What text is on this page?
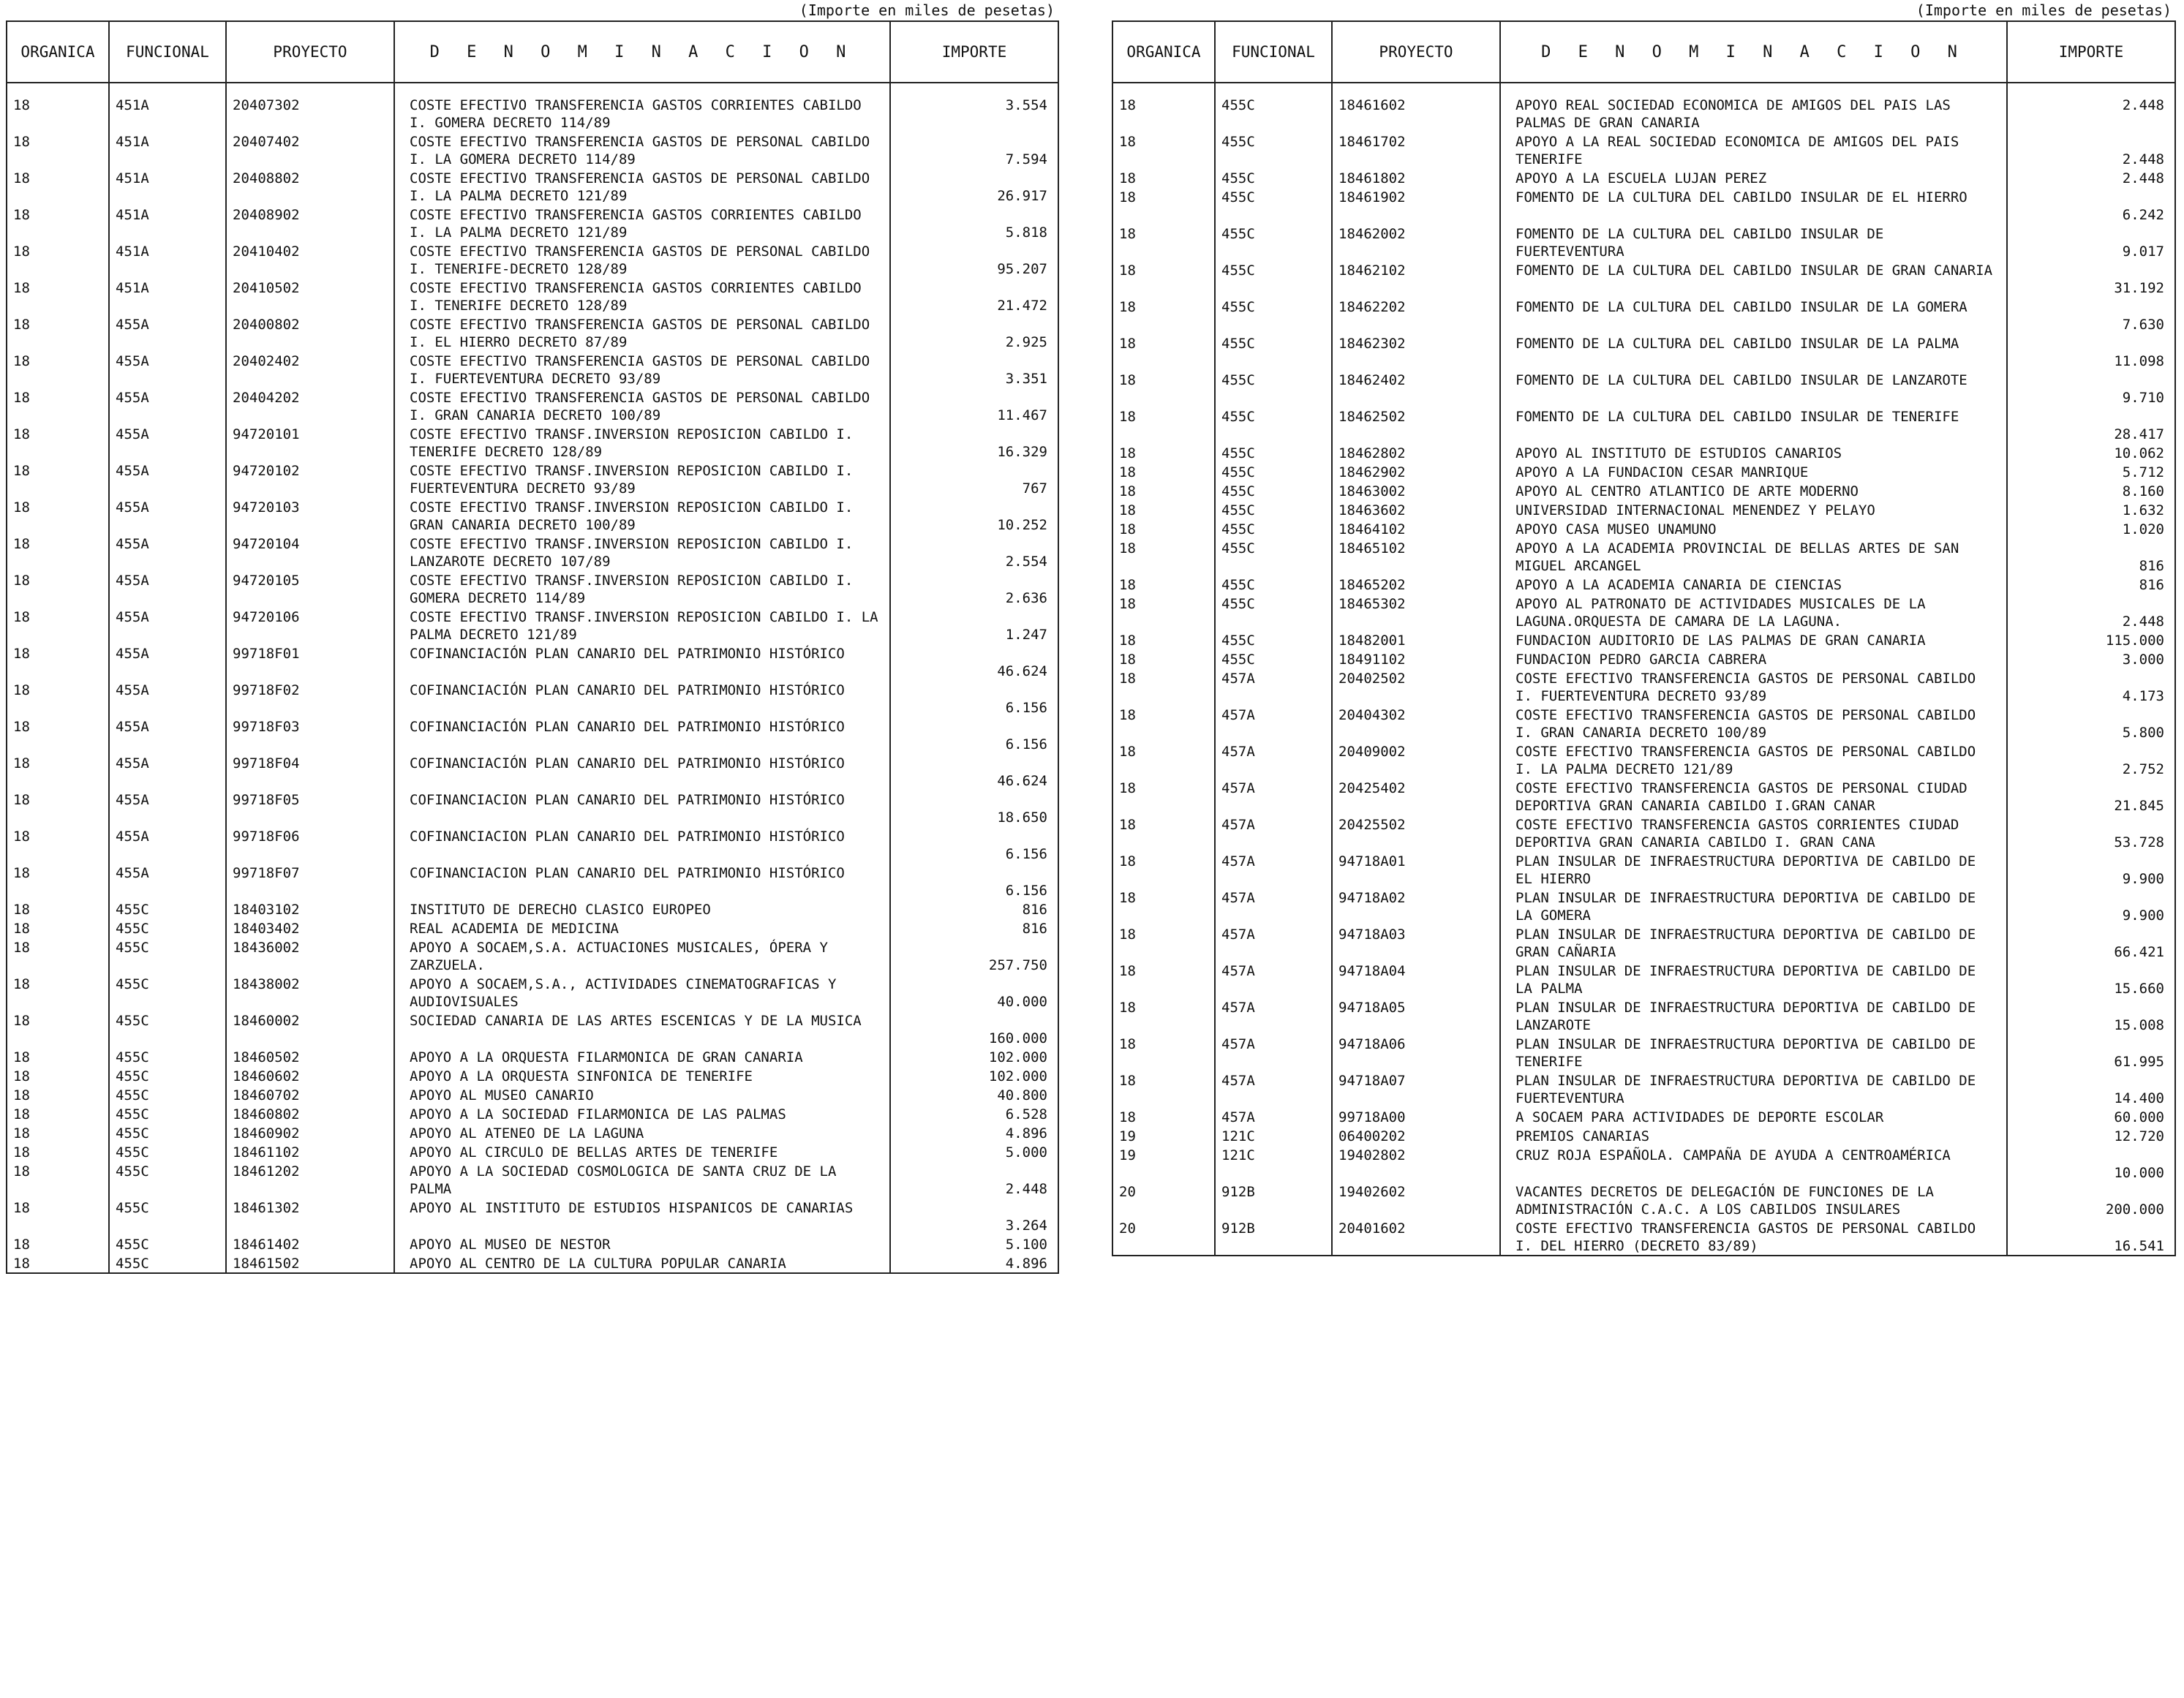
(Importe en miles de pesetas)
ORGANICA	FUNCIONAL	PROYECTO	D E N O M I N A C I O N	IMPORTE
18	451A	20407302	COSTE EFECTIVO TRANSFERENCIA GASTOS CORRIENTES CABILDO I. GOMERA DECRETO 114/89	3.554
18	451A	20407402	COSTE EFECTIVO TRANSFERENCIA GASTOS DE PERSONAL CABILDO I. LA GOMERA DECRETO 114/89	7.594
18	451A	20408802	COSTE EFECTIVO TRANSFERENCIA GASTOS DE PERSONAL CABILDO I. LA PALMA DECRETO 121/89	26.917
18	451A	20408902	COSTE EFECTIVO TRANSFERENCIA GASTOS CORRIENTES CABILDO I. LA PALMA DECRETO 121/89	5.818
18	451A	20410402	COSTE EFECTIVO TRANSFERENCIA GASTOS DE PERSONAL CABILDO I. TENERIFE-DECRETO 128/89	95.207
18	451A	20410502	COSTE EFECTIVO TRANSFERENCIA GASTOS CORRIENTES CABILDO I. TENERIFE DECRETO 128/89	21.472
18	455A	20400802	COSTE EFECTIVO TRANSFERENCIA GASTOS DE PERSONAL CABILDO I. EL HIERRO DECRETO 87/89	2.925
18	455A	20402402	COSTE EFECTIVO TRANSFERENCIA GASTOS DE PERSONAL CABILDO I. FUERTEVENTURA DECRETO 93/89	3.351
18	455A	20404202	COSTE EFECTIVO TRANSFERENCIA GASTOS DE PERSONAL CABILDO I. GRAN CANARIA DECRETO 100/89	11.467
18	455A	94720101	COSTE EFECTIVO TRANSF.INVERSION REPOSICION CABILDO I. TENERIFE DECRETO 128/89	16.329
18	455A	94720102	COSTE EFECTIVO TRANSF.INVERSION REPOSICION CABILDO I. FUERTEVENTURA DECRETO 93/89	767
18	455A	94720103	COSTE EFECTIVO TRANSF.INVERSION REPOSICION CABILDO I. GRAN CANARIA DECRETO 100/89	10.252
18	455A	94720104	COSTE EFECTIVO TRANSF.INVERSION REPOSICION CABILDO I. LANZAROTE DECRETO 107/89	2.554
18	455A	94720105	COSTE EFECTIVO TRANSF.INVERSION REPOSICION CABILDO I. GOMERA DECRETO 114/89	2.636
18	455A	94720106	COSTE EFECTIVO TRANSF.INVERSION REPOSICION CABILDO I. LA PALMA DECRETO 121/89	1.247
18	455A	99718F01	COFINANCIACIÓN PLAN CANARIO DEL PATRIMONIO HISTÓRICO	46.624
18	455A	99718F02	COFINANCIACIÓN PLAN CANARIO DEL PATRIMONIO HISTÓRICO	6.156
18	455A	99718F03	COFINANCIACIÓN PLAN CANARIO DEL PATRIMONIO HISTÓRICO	6.156
18	455A	99718F04	COFINANCIACIÓN PLAN CANARIO DEL PATRIMONIO HISTÓRICO	46.624
18	455A	99718F05	COFINANCIACION PLAN CANARIO DEL PATRIMONIO HISTÓRICO	18.650
18	455A	99718F06	COFINANCIACION PLAN CANARIO DEL PATRIMONIO HISTÓRICO	6.156
18	455A	99718F07	COFINANCIACION PLAN CANARIO DEL PATRIMONIO HISTÓRICO	6.156
18	455C	18403102	INSTITUTO DE DERECHO CLASICO EUROPEO	816
18	455C	18403402	REAL ACADEMIA DE MEDICINA	816
18	455C	18436002	APOYO A SOCAEM,S.A. ACTUACIONES MUSICALES, ÓPERA Y ZARZUELA.	257.750
18	455C	18438002	APOYO A SOCAEM,S.A., ACTIVIDADES CINEMATOGRAFICAS Y AUDIOVISUALES	40.000
18	455C	18460002	SOCIEDAD CANARIA DE LAS ARTES ESCENICAS Y DE LA MUSICA	160.000
18	455C	18460502	APOYO A LA ORQUESTA FILARMONICA DE GRAN CANARIA	102.000
18	455C	18460602	APOYO A LA ORQUESTA SINFONICA DE TENERIFE	102.000
18	455C	18460702	APOYO AL MUSEO CANARIO	40.800
18	455C	18460802	APOYO A LA SOCIEDAD FILARMONICA DE LAS PALMAS	6.528
18	455C	18460902	APOYO AL ATENEO DE LA LAGUNA	4.896
18	455C	18461102	APOYO AL CIRCULO DE BELLAS ARTES DE TENERIFE	5.000
18	455C	18461202	APOYO A LA SOCIEDAD COSMOLOGICA DE SANTA CRUZ DE LA PALMA	2.448
18	455C	18461302	APOYO AL INSTITUTO DE ESTUDIOS HISPANICOS DE CANARIAS	3.264
18	455C	18461402	APOYO AL MUSEO DE NESTOR	5.100
18	455C	18461502	APOYO AL CENTRO DE LA CULTURA POPULAR CANARIA	4.896
(Importe en miles de pesetas)
ORGANICA	FUNCIONAL	PROYECTO	D E N O M I N A C I O N	IMPORTE
18	455C	18461602	APOYO REAL SOCIEDAD ECONOMICA DE AMIGOS DEL PAIS LAS PALMAS DE GRAN CANARIA	2.448
18	455C	18461702	APOYO A LA REAL SOCIEDAD ECONOMICA DE AMIGOS DEL PAIS TENERIFE	2.448
18	455C	18461802	APOYO A LA ESCUELA LUJAN PEREZ	2.448
18	455C	18461902	FOMENTO DE LA CULTURA DEL CABILDO INSULAR DE EL HIERRO	6.242
18	455C	18462002	FOMENTO DE LA CULTURA DEL CABILDO INSULAR DE FUERTEVENTURA	9.017
18	455C	18462102	FOMENTO DE LA CULTURA DEL CABILDO INSULAR DE GRAN CANARIA	31.192
18	455C	18462202	FOMENTO DE LA CULTURA DEL CABILDO INSULAR DE LA GOMERA	7.630
18	455C	18462302	FOMENTO DE LA CULTURA DEL CABILDO INSULAR DE LA PALMA	11.098
18	455C	18462402	FOMENTO DE LA CULTURA DEL CABILDO INSULAR DE LANZAROTE	9.710
18	455C	18462502	FOMENTO DE LA CULTURA DEL CABILDO INSULAR DE TENERIFE	28.417
18	455C	18462802	APOYO AL INSTITUTO DE ESTUDIOS CANARIOS	10.062
18	455C	18462902	APOYO A LA FUNDACION CESAR MANRIQUE	5.712
18	455C	18463002	APOYO AL CENTRO ATLANTICO DE ARTE MODERNO	8.160
18	455C	18463602	UNIVERSIDAD INTERNACIONAL MENENDEZ Y PELAYO	1.632
18	455C	18464102	APOYO CASA MUSEO UNAMUNO	1.020
18	455C	18465102	APOYO A LA ACADEMIA PROVINCIAL DE BELLAS ARTES DE SAN MIGUEL ARCANGEL	816
18	455C	18465202	APOYO A LA ACADEMIA CANARIA DE CIENCIAS	816
18	455C	18465302	APOYO AL PATRONATO DE ACTIVIDADES MUSICALES DE LA LAGUNA.ORQUESTA DE CAMARA DE LA LAGUNA.	2.448
18	455C	18482001	FUNDACION AUDITORIO DE LAS PALMAS DE GRAN CANARIA	115.000
18	455C	18491102	FUNDACION PEDRO GARCIA CABRERA	3.000
18	457A	20402502	COSTE EFECTIVO TRANSFERENCIA GASTOS DE PERSONAL CABILDO I. FUERTEVENTURA DECRETO 93/89	4.173
18	457A	20404302	COSTE EFECTIVO TRANSFERENCIA GASTOS DE PERSONAL CABILDO I. GRAN CANARIA DECRETO 100/89	5.800
18	457A	20409002	COSTE EFECTIVO TRANSFERENCIA GASTOS DE PERSONAL CABILDO I. LA PALMA DECRETO 121/89	2.752
18	457A	20425402	COSTE EFECTIVO TRANSFERENCIA GASTOS DE PERSONAL CIUDAD DEPORTIVA GRAN CANARIA CABILDO I.GRAN CANAR	21.845
18	457A	20425502	COSTE EFECTIVO TRANSFERENCIA GASTOS CORRIENTES CIUDAD DEPORTIVA GRAN CANARIA CABILDO I. GRAN CANA	53.728
18	457A	94718A01	PLAN INSULAR DE INFRAESTRUCTURA DEPORTIVA DE CABILDO DE EL HIERRO	9.900
18	457A	94718A02	PLAN INSULAR DE INFRAESTRUCTURA DEPORTIVA DE CABILDO DE LA GOMERA	9.900
18	457A	94718A03	PLAN INSULAR DE INFRAESTRUCTURA DEPORTIVA DE CABILDO DE GRAN CAÑARIA	66.421
18	457A	94718A04	PLAN INSULAR DE INFRAESTRUCTURA DEPORTIVA DE CABILDO DE LA PALMA	15.660
18	457A	94718A05	PLAN INSULAR DE INFRAESTRUCTURA DEPORTIVA DE CABILDO DE LANZAROTE	15.008
18	457A	94718A06	PLAN INSULAR DE INFRAESTRUCTURA DEPORTIVA DE CABILDO DE TENERIFE	61.995
18	457A	94718A07	PLAN INSULAR DE INFRAESTRUCTURA DEPORTIVA DE CABILDO DE FUERTEVENTURA	14.400
18	457A	99718A00	A SOCAEM PARA ACTIVIDADES DE DEPORTE ESCOLAR	60.000
19	121C	06400202	PREMIOS CANARIAS	12.720
19	121C	19402802	CRUZ ROJA ESPAÑOLA. CAMPAÑA DE AYUDA A CENTROAMÉRICA	10.000
20	912B	19402602	VACANTES DECRETOS DE DELEGACIÓN DE FUNCIONES DE LA ADMINISTRACIÓN C.A.C. A LOS CABILDOS INSULARES	200.000
20	912B	20401602	COSTE EFECTIVO TRANSFERENCIA GASTOS DE PERSONAL CABILDO I. DEL HIERRO (DECRETO 83/89)	16.541
